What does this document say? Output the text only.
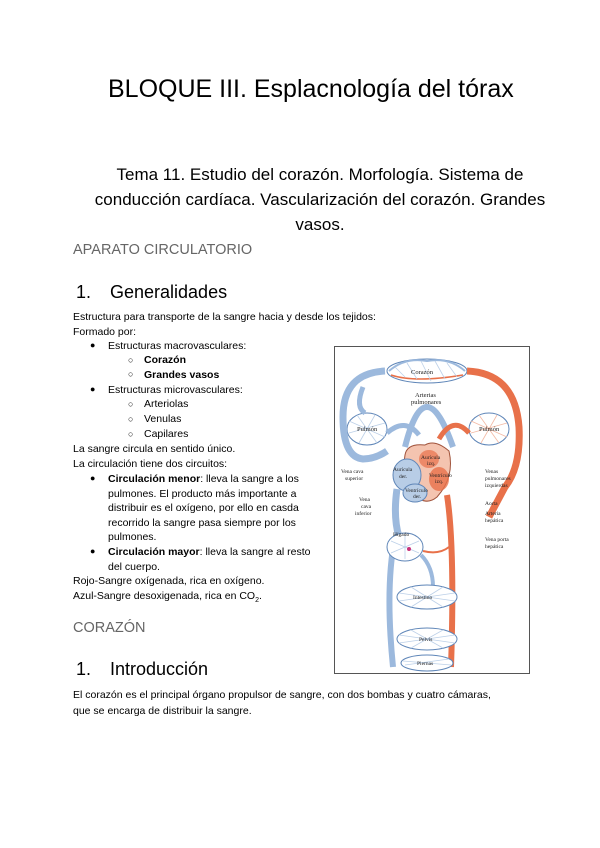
BLOQUE III. Esplacnología del tórax
Tema 11. Estudio del corazón. Morfología. Sistema de conducción cardíaca. Vascularización del corazón. Grandes vasos.
APARATO CIRCULATORIO
1. Generalidades
Estructura para transporte de la sangre hacia y desde los tejidos:
Formado por:
● Estructuras macrovasculares:
○ Corazón
○ Grandes vasos
● Estructuras microvasculares:
○ Arteriolas
○ Venulas
○ Capilares
La sangre circula en sentido único.
La circulación tiene dos circuitos:
● Circulación menor: lleva la sangre a los
pulmones. El producto más importante a
distribuir es el oxígeno, por ello en casda
recorrido la sangre pasa siempre por los
pulmones.
● Circulación mayor: lleva la sangre al resto
del cuerpo.
Rojo-Sangre oxígenada, rica en oxígeno.
Azul-Sangre desoxigenada, rica en $CO_2$.
CORAZÓN
1. Introducción
El corazón es el principal órgano propulsor de sangre, con dos bombas y cuatro cámaras,
que se encarga de distribuir la sangre.
Corazón
Arterias
pulmonares
Pulmón	Pulmón
Aurícula
der.
Aurícula
izq.
Ventrículo
izq.
Ventrículo
der.
Vena cava
superior
Vena
cava
inferior
Venas
pulmonares
izquierdas
Aorta
Arteria
hepática
Vena porta
hepática
Hígado
Intestino
Pelvis
Piernas
